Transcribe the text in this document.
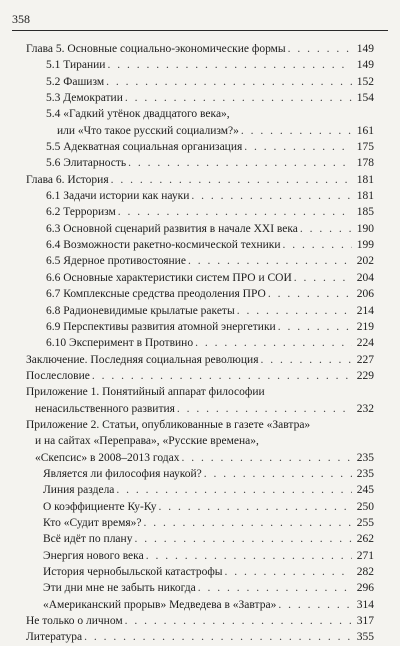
358
Глава 5. Основные социально-экономические формы . . .	149
5.1 Тирании . . .	149
5.2 Фашизм . . .	152
5.3 Демократии . . .	154
5.4 «Гадкий утёнок двадцатого века»,
или «Что такое русский социализм?» . . .	161
5.5 Адекватная социальная организация . . .	175
5.6 Элитарность . . .	178
Глава 6. История . . .	181
6.1 Задачи истории как науки . . .	181
6.2 Терроризм . . .	185
6.3 Основной сценарий развития в начале XXI века . . .	190
6.4 Возможности ракетно-космической техники . . .	199
6.5 Ядерное противостояние . . .	202
6.6 Основные характеристики систем ПРО и СОИ . . .	204
6.7 Комплексные средства преодоления ПРО . . .	206
6.8 Радионевидимые крылатые ракеты . . .	214
6.9 Перспективы развития атомной энергетики . . .	219
6.10 Эксперимент в Протвино . . .	224
Заключение. Последняя социальная революция . . .	227
Послесловие . . .	229
Приложение 1. Понятийный аппарат философии
ненасильственного развития . . .	232
Приложение 2. Статьи, опубликованные в газете «Завтра»
и на сайтах «Переправа», «Русские времена»,
«Скепсис» в 2008–2013 годах . . .	235
Является ли философия наукой? . . .	235
Линия раздела . . .	245
О коэффициенте Ку-Ку . . .	250
Кто «Судит время»? . . .	255
Всё идёт по плану . . .	262
Энергия нового века . . .	271
История чернобыльской катастрофы . . .	282
Эти дни мне не забыть никогда . . .	296
«Американский прорыв» Медведева в «Завтра» . . .	314
Не только о личном . . .	317
Литература . . .	355
